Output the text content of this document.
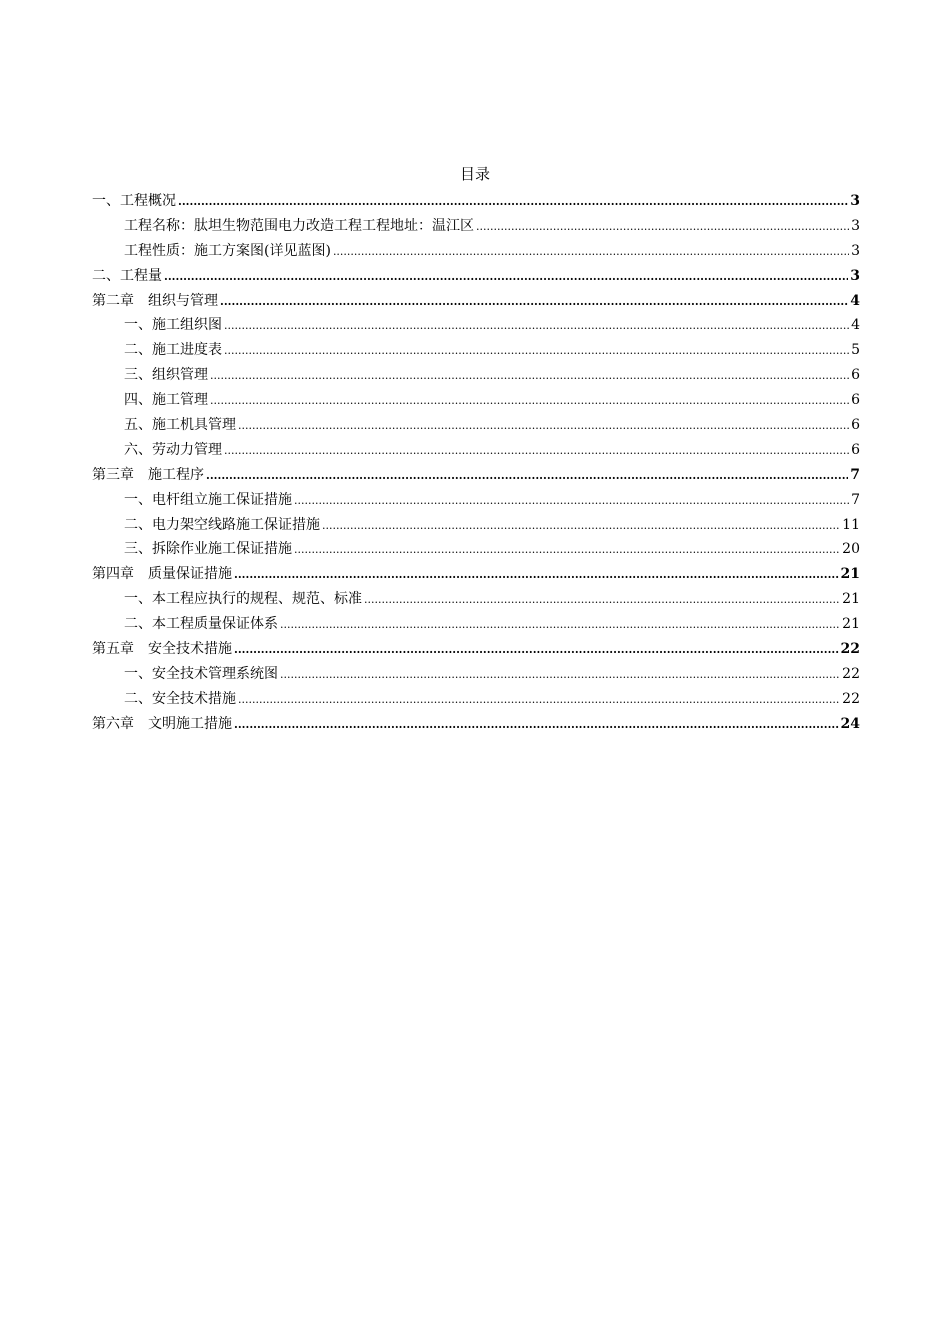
目录
一、工程概况 .....	3
工程名称：肽坦生物范围电力改造工程工程地址：温江区 .....	3
工程性质：施工方案图(详见蓝图) .....	3
二、工程量 .....	3
第二章　组织与管理 .....	4
一、施工组织图 .....	4
二、施工进度表 .....	5
三、组织管理 .....	6
四、施工管理 .....	6
五、施工机具管理 .....	6
六、劳动力管理 .....	6
第三章　施工程序 .....	7
一、电杆组立施工保证措施 .....	7
二、电力架空线路施工保证措施 .....	11
三、拆除作业施工保证措施 .....	20
第四章　质量保证措施 .....	21
一、本工程应执行的规程、规范、标准 .....	21
二、本工程质量保证体系 .....	21
第五章　安全技术措施 .....	22
一、安全技术管理系统图 .....	22
二、安全技术措施 .....	22
第六章　文明施工措施 .....	24
